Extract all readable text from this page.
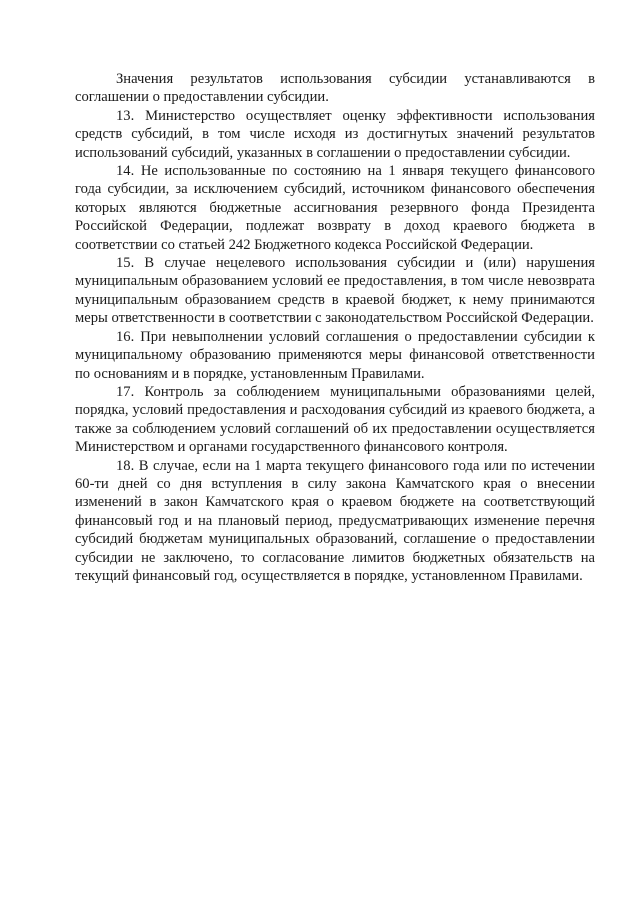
Значения результатов использования субсидии устанавливаются в соглашении о предоставлении субсидии.

13. Министерство осуществляет оценку эффективности использования средств субсидий, в том числе исходя из достигнутых значений результатов использований субсидий, указанных в соглашении о предоставлении субсидии.

14. Не использованные по состоянию на 1 января текущего финансового года субсидии, за исключением субсидий, источником финансового обеспечения которых являются бюджетные ассигнования резервного фонда Президента Российской Федерации, подлежат возврату в доход краевого бюджета в соответствии со статьей 242 Бюджетного кодекса Российской Федерации.

15. В случае нецелевого использования субсидии и (или) нарушения муниципальным образованием условий ее предоставления, в том числе невозврата муниципальным образованием средств в краевой бюджет, к нему принимаются меры ответственности в соответствии с законодательством Российской Федерации.

16. При невыполнении условий соглашения о предоставлении субсидии к муниципальному образованию применяются меры финансовой ответственности по основаниям и в порядке, установленным Правилами.

17. Контроль за соблюдением муниципальными образованиями целей, порядка, условий предоставления и расходования субсидий из краевого бюджета, а также за соблюдением условий соглашений об их предоставлении осуществляется Министерством и органами государственного финансового контроля.

18. В случае, если на 1 марта текущего финансового года или по истечении 60-ти дней со дня вступления в силу закона Камчатского края о внесении изменений в закон Камчатского края о краевом бюджете на соответствующий финансовый год и на плановый период, предусматривающих изменение перечня субсидий бюджетам муниципальных образований, соглашение о предоставлении субсидии не заключено, то согласование лимитов бюджетных обязательств на текущий финансовый год, осуществляется в порядке, установленном Правилами.
